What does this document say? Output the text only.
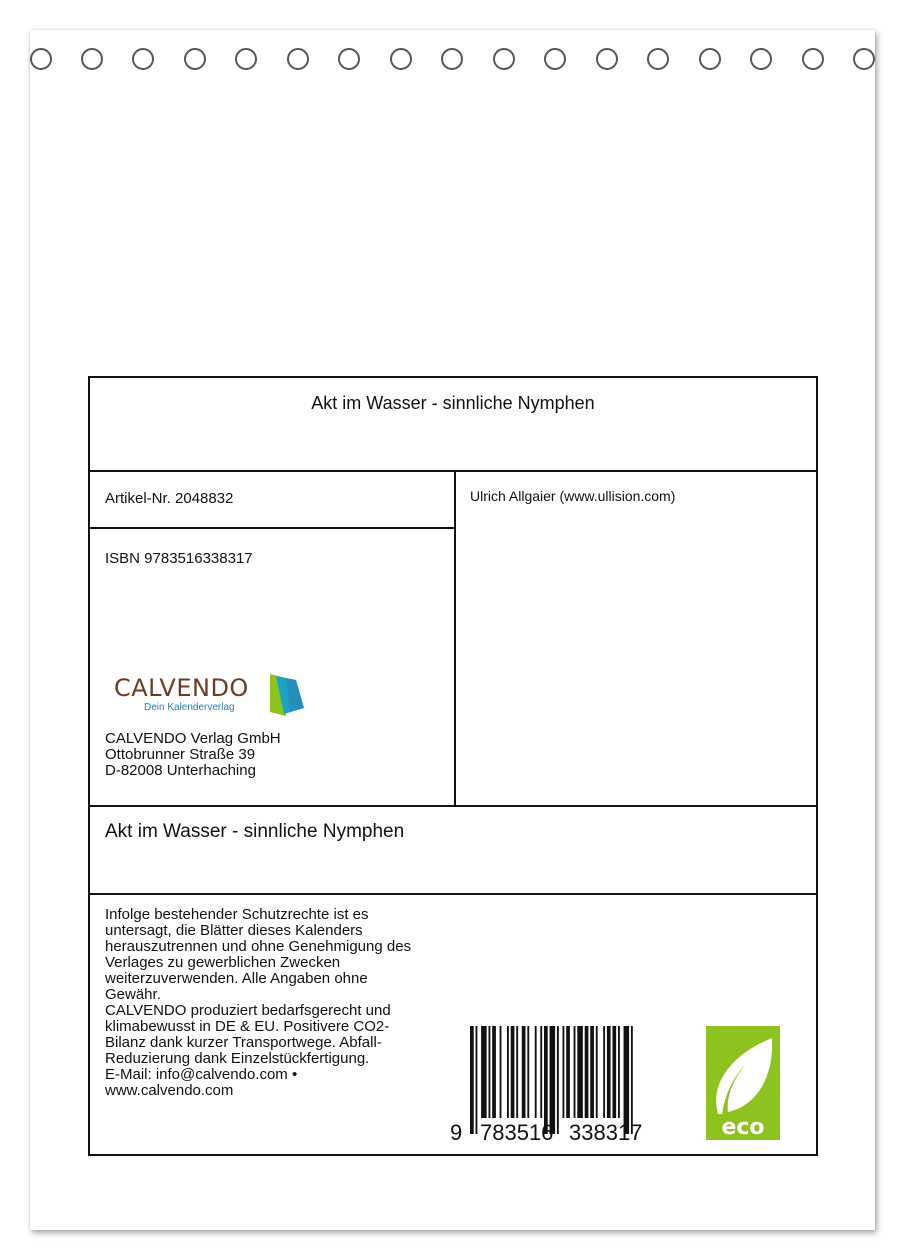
Akt im Wasser - sinnliche Nymphen
Artikel-Nr. 2048832	Ulrich Allgaier (www.ullision.com)
ISBN 9783516338317
CALVENDO
Dein Kalenderverlag
CALVENDO Verlag GmbH
Ottobrunner Straße 39
D-82008 Unterhaching
Akt im Wasser - sinnliche Nymphen
Infolge bestehender Schutzrechte ist es
untersagt, die Blätter dieses Kalenders
herauszutrennen und ohne Genehmigung des
Verlages zu gewerblichen Zwecken
weiterzuverwenden. Alle Angaben ohne
Gewähr.
CALVENDO produziert bedarfsgerecht und
klimabewusst in DE & EU. Positivere CO2-
Bilanz dank kurzer Transportwege. Abfall-
Reduzierung dank Einzelstückfertigung.
E-Mail: info@calvendo.com •
www.calvendo.com
9 783516 338317	eco
